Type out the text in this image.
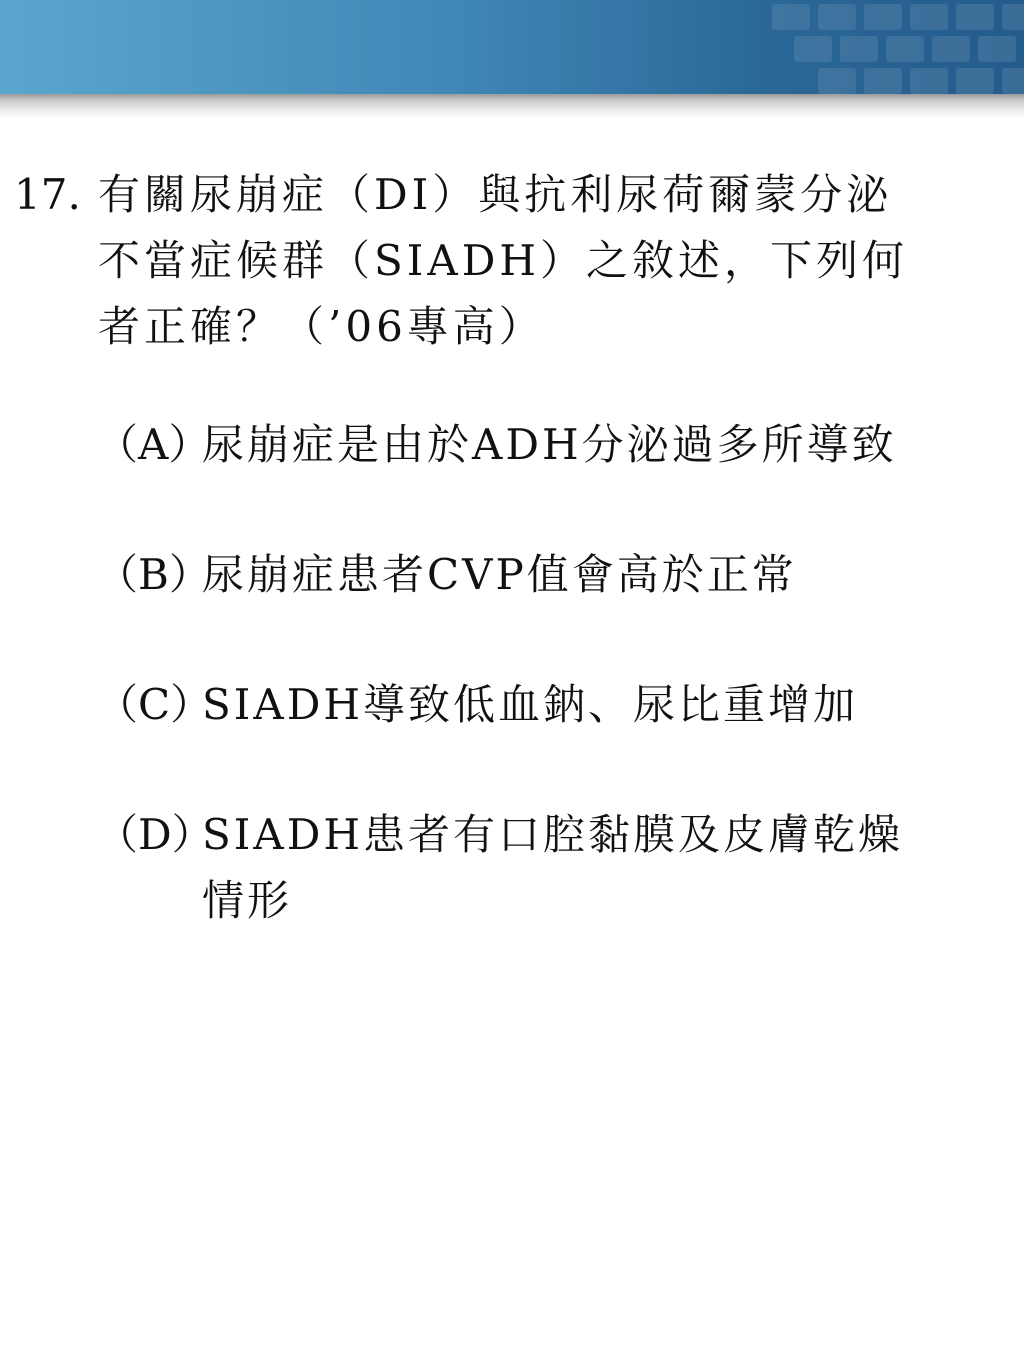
17. 有關尿崩症（DI）與抗利尿荷爾蒙分泌
不當症候群（SIADH）之敘述，下列何
者正確？（’06專高）
（A）
尿崩症是由於ADH分泌過多所導致
（B）
尿崩症患者CVP值會高於正常
（C）
SIADH導致低血鈉、尿比重增加
（D）
SIADH患者有口腔黏膜及皮膚乾燥
情形
